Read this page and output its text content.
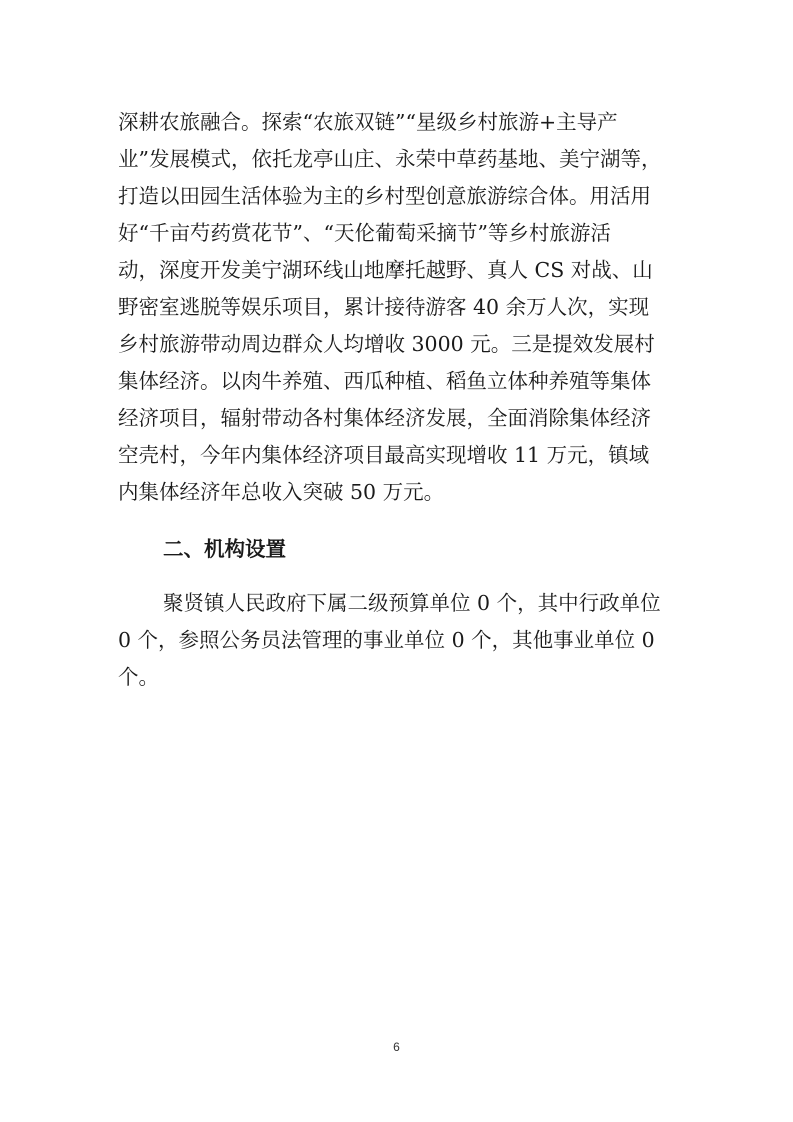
深耕农旅融合。探索“农旅双链”“星级乡村旅游+主导产

业”发展模式，依托龙亭山庄、永荣中草药基地、美宁湖等，

打造以田园生活体验为主的乡村型创意旅游综合体。用活用

好“千亩芍药赏花节”、“天伦葡萄采摘节”等乡村旅游活

动，深度开发美宁湖环线山地摩托越野、真人 CS 对战、山

野密室逃脱等娱乐项目，累计接待游客 40 余万人次，实现

乡村旅游带动周边群众人均增收 3000 元。三是提效发展村

集体经济。以肉牛养殖、西瓜种植、稻鱼立体种养殖等集体

经济项目，辐射带动各村集体经济发展，全面消除集体经济

空壳村，今年内集体经济项目最高实现增收 11 万元，镇域

内集体经济年总收入突破 50 万元。

二、机构设置

聚贤镇人民政府下属二级预算单位 0 个，其中行政单位

0 个，参照公务员法管理的事业单位 0 个，其他事业单位 0

个。

6
